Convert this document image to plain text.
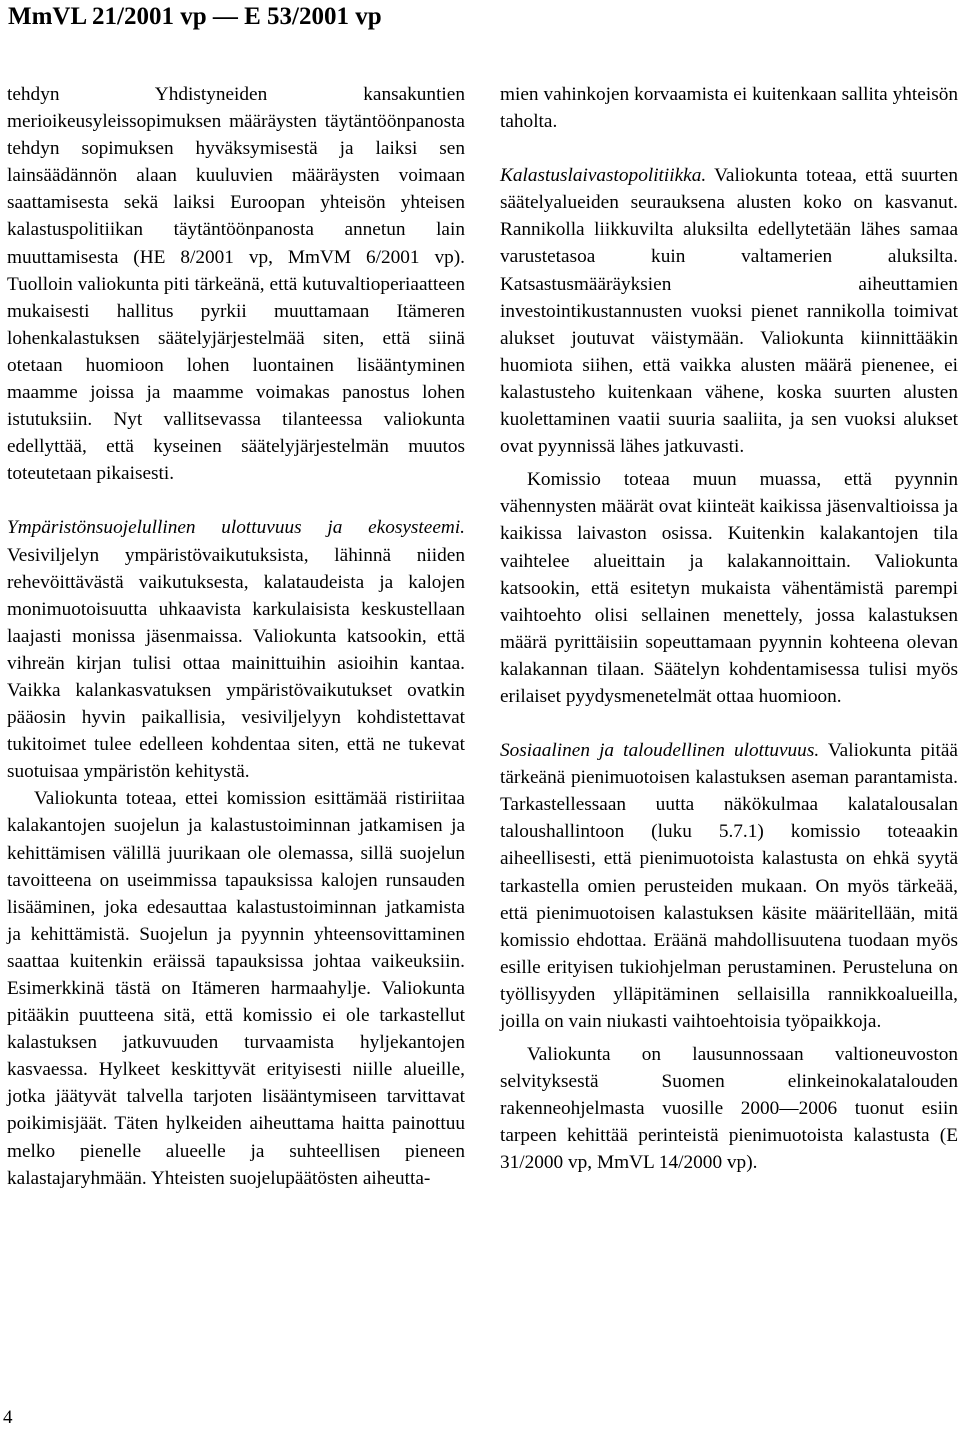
MmVL 21/2001 vp — E 53/2001 vp

tehdyn Yhdistyneiden kansakuntien merioikeusyleissopimuksen määräysten täytäntöönpanosta tehdyn sopimuksen hyväksymisestä ja laiksi sen lainsäädännön alaan kuuluvien määräysten voimaan saattamisesta sekä laiksi Euroopan yhteisön yhteisen kalastuspolitiikan täytäntöönpanosta annetun lain muuttamisesta (HE 8/2001 vp, MmVM 6/2001 vp). Tuolloin valiokunta piti tärkeänä, että kutuvaltioperiaatteen mukaisesti hallitus pyrkii muuttamaan Itämeren lohenkalastuksen säätelyjärjestelmää siten, että siinä otetaan huomioon lohen luontainen lisääntyminen maamme joissa ja maamme voimakas panostus lohen istutuksiin. Nyt vallitsevassa tilanteessa valiokunta edellyttää, että kyseinen säätelyjärjestelmän muutos toteutetaan pikaisesti.

Ympäristönsuojelullinen ulottuvuus ja ekosysteemi. Vesiviljelyn ympäristövaikutuksista, lähinnä niiden rehevöittävästä vaikutuksesta, kalataudeista ja kalojen monimuotoisuutta uhkaavista karkulaisista keskustellaan laajasti monissa jäsenmaissa. Valiokunta katsookin, että vihreän kirjan tulisi ottaa mainittuihin asioihin kantaa. Vaikka kalankasvatuksen ympäristövaikutukset ovatkin pääosin hyvin paikallisia, vesiviljelyyn kohdistettavat tukitoimet tulee edelleen kohdentaa siten, että ne tukevat suotuisaa ympäristön kehitystä.

Valiokunta toteaa, ettei komission esittämää ristiriitaa kalakantojen suojelun ja kalastustoiminnan jatkamisen ja kehittämisen välillä juurikaan ole olemassa, sillä suojelun tavoitteena on useimmissa tapauksissa kalojen runsauden lisääminen, joka edesauttaa kalastustoiminnan jatkamista ja kehittämistä. Suojelun ja pyynnin yhteensovittaminen saattaa kuitenkin eräissä tapauksissa johtaa vaikeuksiin. Esimerkkinä tästä on Itämeren harmaahylje. Valiokunta pitääkin puutteena sitä, että komissio ei ole tarkastellut kalastuksen jatkuvuuden turvaamista hyljekantojen kasvaessa. Hylkeet keskittyvät erityisesti niille alueille, jotka jäätyvät talvella tarjoten lisääntymiseen tarvittavat poikimisjäät. Täten hylkeiden aiheuttama haitta painottuu melko pienelle alueelle ja suhteellisen pieneen kalastajaryhmään. Yhteisten suojelupäätösten aiheutta-

mien vahinkojen korvaamista ei kuitenkaan sallita yhteisön taholta.

Kalastuslaivastopolitiikka. Valiokunta toteaa, että suurten säätelyalueiden seurauksena alusten koko on kasvanut. Rannikolla liikkuvilta aluksilta edellytetään lähes samaa varustetasoa kuin valtamerien aluksilta. Katsastusmääräyksien aiheuttamien investointikustannusten vuoksi pienet rannikolla toimivat alukset joutuvat väistymään. Valiokunta kiinnittääkin huomiota siihen, että vaikka alusten määrä pienenee, ei kalastusteho kuitenkaan vähene, koska suurten alusten kuolettaminen vaatii suuria saaliita, ja sen vuoksi alukset ovat pyynnissä lähes jatkuvasti.

Komissio toteaa muun muassa, että pyynnin vähennysten määrät ovat kiinteät kaikissa jäsenvaltioissa ja kaikissa laivaston osissa. Kuitenkin kalakantojen tila vaihtelee alueittain ja kalakannoittain. Valiokunta katsookin, että esitetyn mukaista vähentämistä parempi vaihtoehto olisi sellainen menettely, jossa kalastuksen määrä pyrittäisiin sopeuttamaan pyynnin kohteena olevan kalakannan tilaan. Säätelyn kohdentamisessa tulisi myös erilaiset pyydysmenetelmät ottaa huomioon.

Sosiaalinen ja taloudellinen ulottuvuus. Valiokunta pitää tärkeänä pienimuotoisen kalastuksen aseman parantamista. Tarkastellessaan uutta näkökulmaa kalatalousalan taloushallintoon (luku 5.7.1) komissio toteaakin aiheellisesti, että pienimuotoista kalastusta on ehkä syytä tarkastella omien perusteiden mukaan. On myös tärkeää, että pienimuotoisen kalastuksen käsite määritellään, mitä komissio ehdottaa. Eräänä mahdollisuutena tuodaan myös esille erityisen tukiohjelman perustaminen. Perusteluna on työllisyyden ylläpitäminen sellaisilla rannikkoalueilla, joilla on vain niukasti vaihtoehtoisia työpaikkoja.

Valiokunta on lausunnossaan valtioneuvoston selvityksestä Suomen elinkeinokalatalouden rakenneohjelmasta vuosille 2000—2006 tuonut esiin tarpeen kehittää perinteistä pienimuotoista kalastusta (E 31/2000 vp, MmVL 14/2000 vp).

4
